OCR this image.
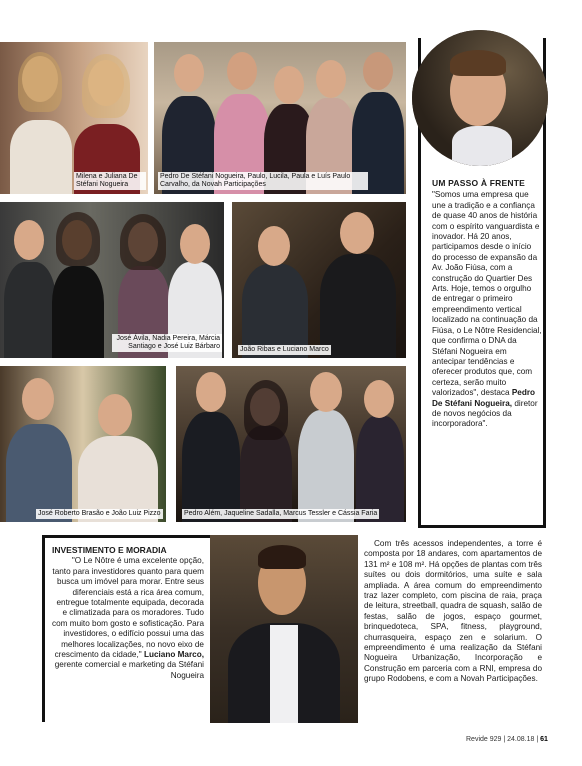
Milena e Juliana De Stéfani Nogueira
Pedro De Stéfani Nogueira, Paulo, Lucila, Paula e Luís Paulo Carvalho, da Novah Participações	UM PASSO À FRENTE
"Somos uma empresa que une a tradição e a confiança de quase 40 anos de história com o espírito vanguardista e inovador. Há 20 anos, participamos desde o início do processo de expansão da Av. João Fiúsa, com a construção do Quartier Des Arts. Hoje, temos o orgulho de entregar o primeiro empreendimento vertical localizado na continuação da Fiúsa, o Le Nôtre Residencial, que confirma o DNA da Stéfani Nogueira em antecipar tendências e oferecer produtos que, com certeza, serão muito valorizados", destaca Pedro De Stéfani Nogueira, diretor de novos negócios da incorporadora".
José Ávila, Nadia Pereira, Márcia Santiago e José Luiz Bárbaro	João Ribas e Luciano Marco
José Roberto Brasão e João Luiz Pizzo	Pedro Além, Jaqueline Sadalla, Marcus Tessler e Cássia Faria
INVESTIMENTO E MORADIA
"O Le Nôtre é uma excelente opção, tanto para investidores quanto para quem busca um imóvel para morar. Entre seus diferenciais está a rica área comum, entregue totalmente equipada, decorada e climatizada para os moradores. Tudo com muito bom gosto e sofisticação. Para investidores, o edifício possui uma das melhores localizações, no novo eixo de crescimento da cidade," Luciano Marco, gerente comercial e marketing da Stéfani Nogueira
Com três acessos independentes, a torre é composta por 18 andares, com apartamentos de 131 m² e 108 m². Há opções de plantas com três suítes ou dois dormitórios, uma suíte e sala ampliada. A área comum do empreendimento traz lazer completo, com piscina de raia, praça de leitura, streetball, quadra de squash, salão de festas, salão de jogos, espaço gourmet, brinquedoteca, SPA, fitness, playground, churrasqueira, espaço zen e solarium. O empreendimento é uma realização da Stéfani Nogueira Urbanização, Incorporação e Construção em parceria com a RNI, empresa do grupo Rodobens, e com a Novah Participações.
Revide 929 | 24.08.18 | 61
